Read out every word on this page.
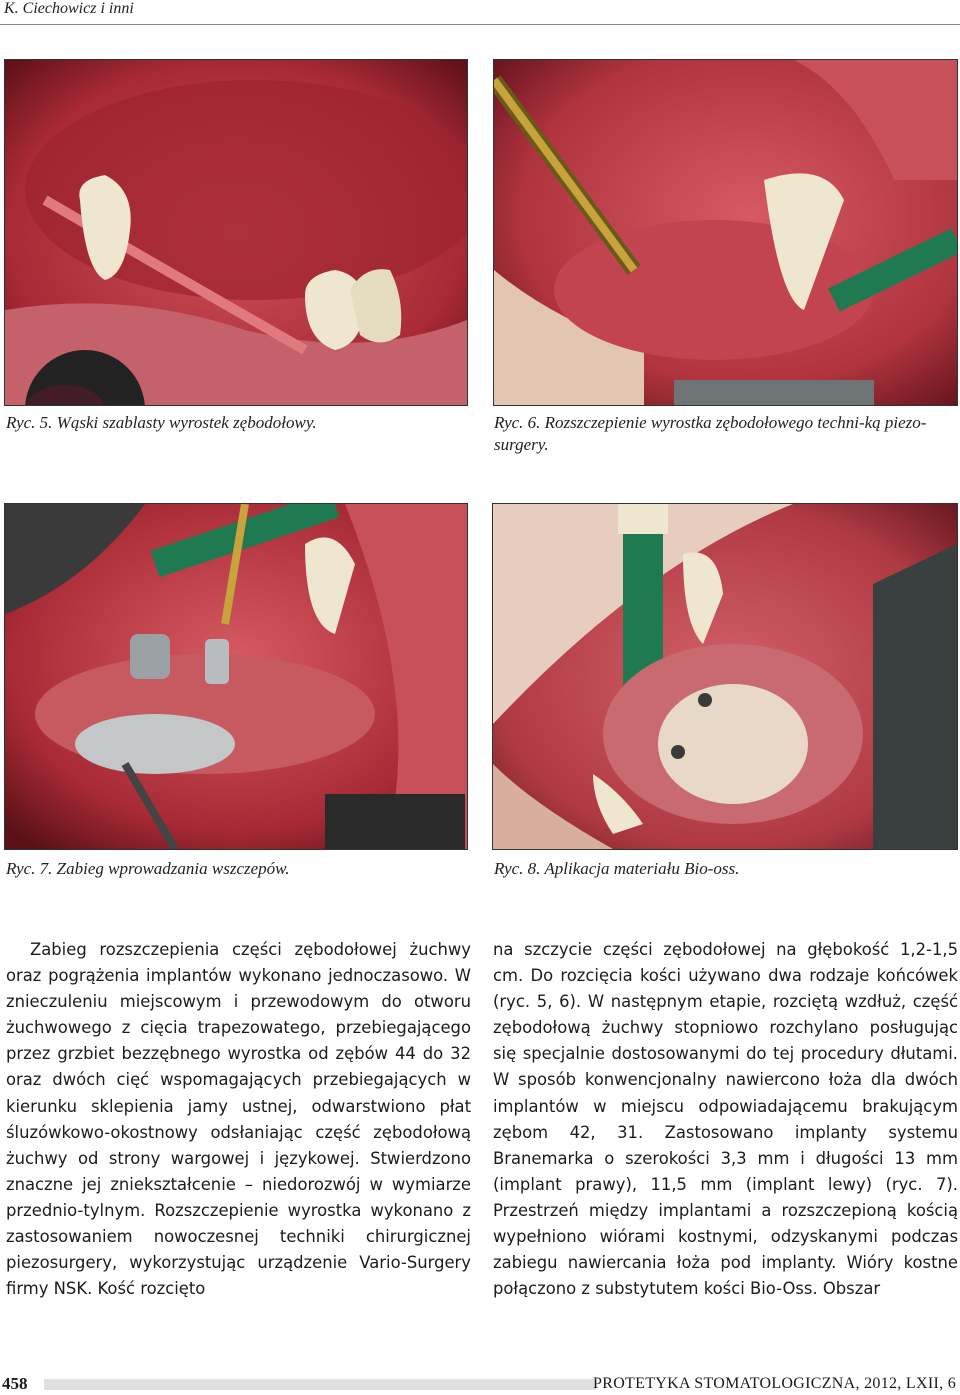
K. Ciechowicz i inni
Ryc. 5. Wąski szablasty wyrostek zębodołowy.	Ryc. 6. Rozszczepienie wyrostka zębodołowego techni-ką piezo-surgery.
Ryc. 7. Zabieg wprowadzania wszczepów.	Ryc. 8. Aplikacja materiału Bio-oss.

Zabieg rozszczepienia części zębodołowej żuchwy oraz pogrążenia implantów wykonano jednoczasowo. W znieczuleniu miejscowym i przewodowym do otworu żuchwowego z cięcia trapezowatego, przebiegającego przez grzbiet bezzębnego wyrostka od zębów 44 do 32 oraz dwóch cięć wspomagających przebiegających w kierunku sklepienia jamy ustnej, odwarstwiono płat śluzówkowo-okostnowy odsłaniając część zębodołową żuchwy od strony wargowej i językowej. Stwierdzono znaczne jej zniekształcenie – niedorozwój w wymiarze przednio-tylnym. Rozszczepienie wyrostka wykonano z zastosowaniem nowoczesnej techniki chirurgicznej piezosurgery, wykorzystując urządzenie Vario-Surgery firmy NSK. Kość rozcięto

na szczycie części zębodołowej na głębokość 1,2-1,5 cm. Do rozcięcia kości używano dwa rodzaje końcówek (ryc. 5, 6). W następnym etapie, rozciętą wzdłuż, część zębodołową żuchwy stopniowo rozchylano posługując się specjalnie dostosowanymi do tej procedury dłutami. W sposób konwencjonalny nawiercono łoża dla dwóch implantów w miejscu odpowiadającemu brakującym zębom 42, 31. Zastosowano implanty systemu Branemarka o szerokości 3,3 mm i długości 13 mm (implant prawy), 11,5 mm (implant lewy) (ryc. 7). Przestrzeń między implantami a rozszczepioną kością wypełniono wiórami kostnymi, odzyskanymi podczas zabiegu nawiercania łoża pod implanty. Wióry kostne połączono z substytutem kości Bio-Oss. Obszar

458	PROTETYKA STOMATOLOGICZNA, 2012, LXII, 6
